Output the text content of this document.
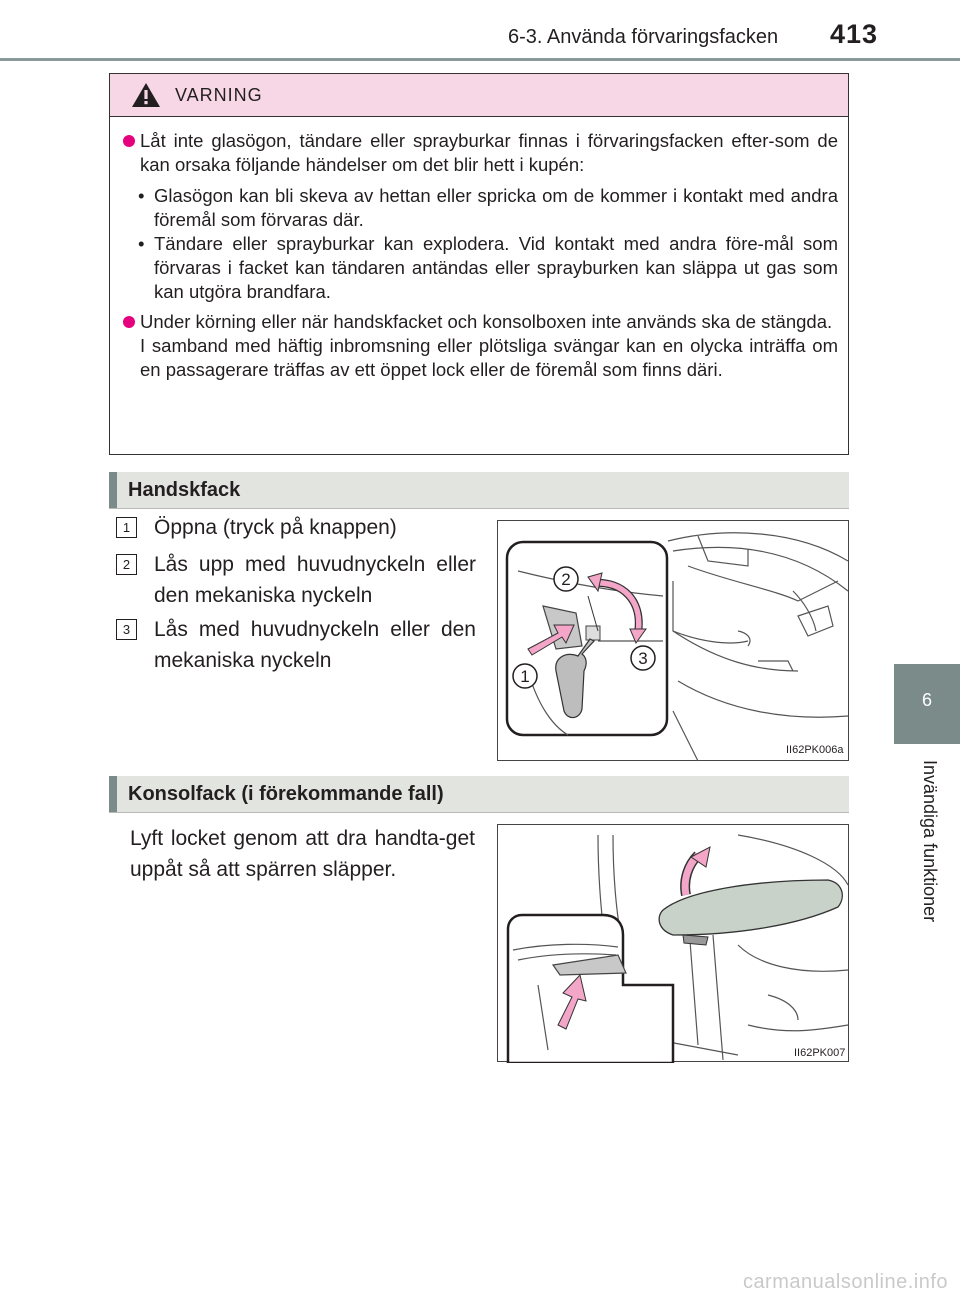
6-3. Använda förvaringsfacken 413
6
Invändiga funktioner
VARNING
Låt inte glasögon, tändare eller sprayburkar finnas i förvaringsfacken efter-som de kan orsaka följande händelser om det blir hett i kupén:
• Glasögon kan bli skeva av hettan eller spricka om de kommer i kontakt med andra föremål som förvaras där.
• Tändare eller sprayburkar kan explodera. Vid kontakt med andra före-mål som förvaras i facket kan tändaren antändas eller sprayburken kan släppa ut gas som kan utgöra brandfara.
Under körning eller när handskfacket och konsolboxen inte används ska de stängda.
I samband med häftig inbromsning eller plötsliga svängar kan en olycka inträffa om en passagerare träffas av ett öppet lock eller de föremål som finns däri.
Handskfack
1	Öppna (tryck på knappen)
2	Lås upp med huvudnyckeln eller den mekaniska nyckeln
3	Lås med huvudnyckeln eller den mekaniska nyckeln
2
3
1
II62PK006a
Konsolfack (i förekommande fall)
Lyft locket genom att dra handta-get uppåt så att spärren släpper.
II62PK007
carmanualsonline.info
